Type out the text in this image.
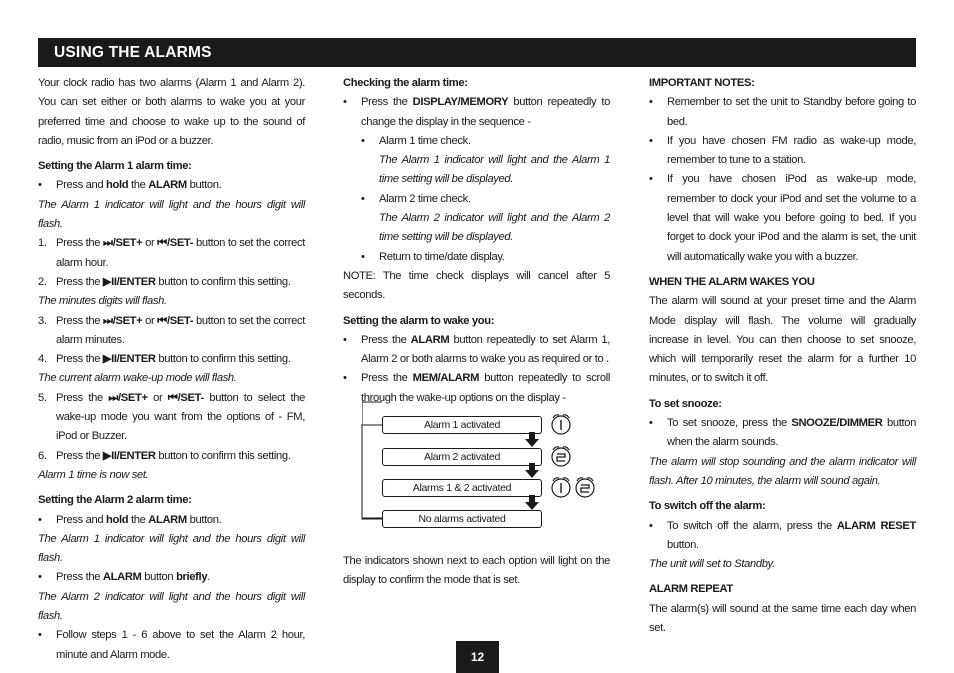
USING THE ALARMS

Your clock radio has two alarms (Alarm 1 and Alarm 2). You can set either or both alarms to wake you at your preferred time and choose to wake up to the sound of radio, music from an iPod or a buzzer.

Setting the Alarm 1 alarm time:

• Press and hold the ALARM button.

The Alarm 1 indicator will light and the hours digit will flash.

1. Press the ⏭/SET+ or ⏮/SET- button to set the correct alarm hour.
2. Press the ▶II/ENTER button to confirm this setting.

The minutes digits will flash.

3. Press the ⏭/SET+ or ⏮/SET- button to set the correct alarm minutes.
4. Press the ▶II/ENTER button to confirm this setting.

The current alarm wake-up mode will flash.

5. Press the ⏭/SET+ or ⏮/SET- button to select the wake-up mode you want from the options of - FM, iPod or Buzzer.
6. Press the ▶II/ENTER button to confirm this setting.

Alarm 1 time is now set.

Setting the Alarm 2 alarm time:

• Press and hold the ALARM button.

The Alarm 1 indicator will light and the hours digit will flash.

• Press the ALARM button briefly.

The Alarm 2 indicator will light and the hours digit will flash.

• Follow steps 1 - 6 above to set the Alarm 2 hour, minute and Alarm mode.

Checking the alarm time:

• Press the DISPLAY/MEMORY button repeatedly to change the display in the sequence -
• Alarm 1 time check.

The Alarm 1 indicator will light and the Alarm 1 time setting will be displayed.

• Alarm 2 time check.

The Alarm 2 indicator will light and the Alarm 2 time setting will be displayed.

• Return to time/date display.

NOTE: The time check displays will cancel after 5 seconds.

Setting the alarm to wake you:

• Press the ALARM button repeatedly to set Alarm 1, Alarm 2 or both alarms to wake you as required or to .
• Press the MEM/ALARM button repeatedly to scroll through the wake-up options on the display -
Alarm 1 activated
Alarm 2 activated
Alarms 1 & 2 activated
No alarms activated
The indicators shown next to each option will light on the display to confirm the mode that is set.

IMPORTANT NOTES:

• Remember to set the unit to Standby before going to bed.
• If you have chosen FM radio as wake-up mode, remember to tune to a station.
• If you have chosen iPod as wake-up mode, remember to dock your iPod and set the volume to a level that will wake you before going to bed. If you forget to dock your iPod and the alarm is set, the unit will automatically wake you with a buzzer.

WHEN THE ALARM WAKES YOU

The alarm will sound at your preset time and the Alarm Mode display will flash. The volume will gradually increase in level. You can then choose to set snooze, which will temporarily reset the alarm for a further 10 minutes, or to switch it off.

To set snooze:

• To set snooze, press the SNOOZE/DIMMER button when the alarm sounds.

The alarm will stop sounding and the alarm indicator will flash. After 10 minutes, the alarm will sound again.

To switch off the alarm:

• To switch off the alarm, press the ALARM RESET button.

The unit will set to Standby.

ALARM REPEAT

The alarm(s) will sound at the same time each day when set.

12
